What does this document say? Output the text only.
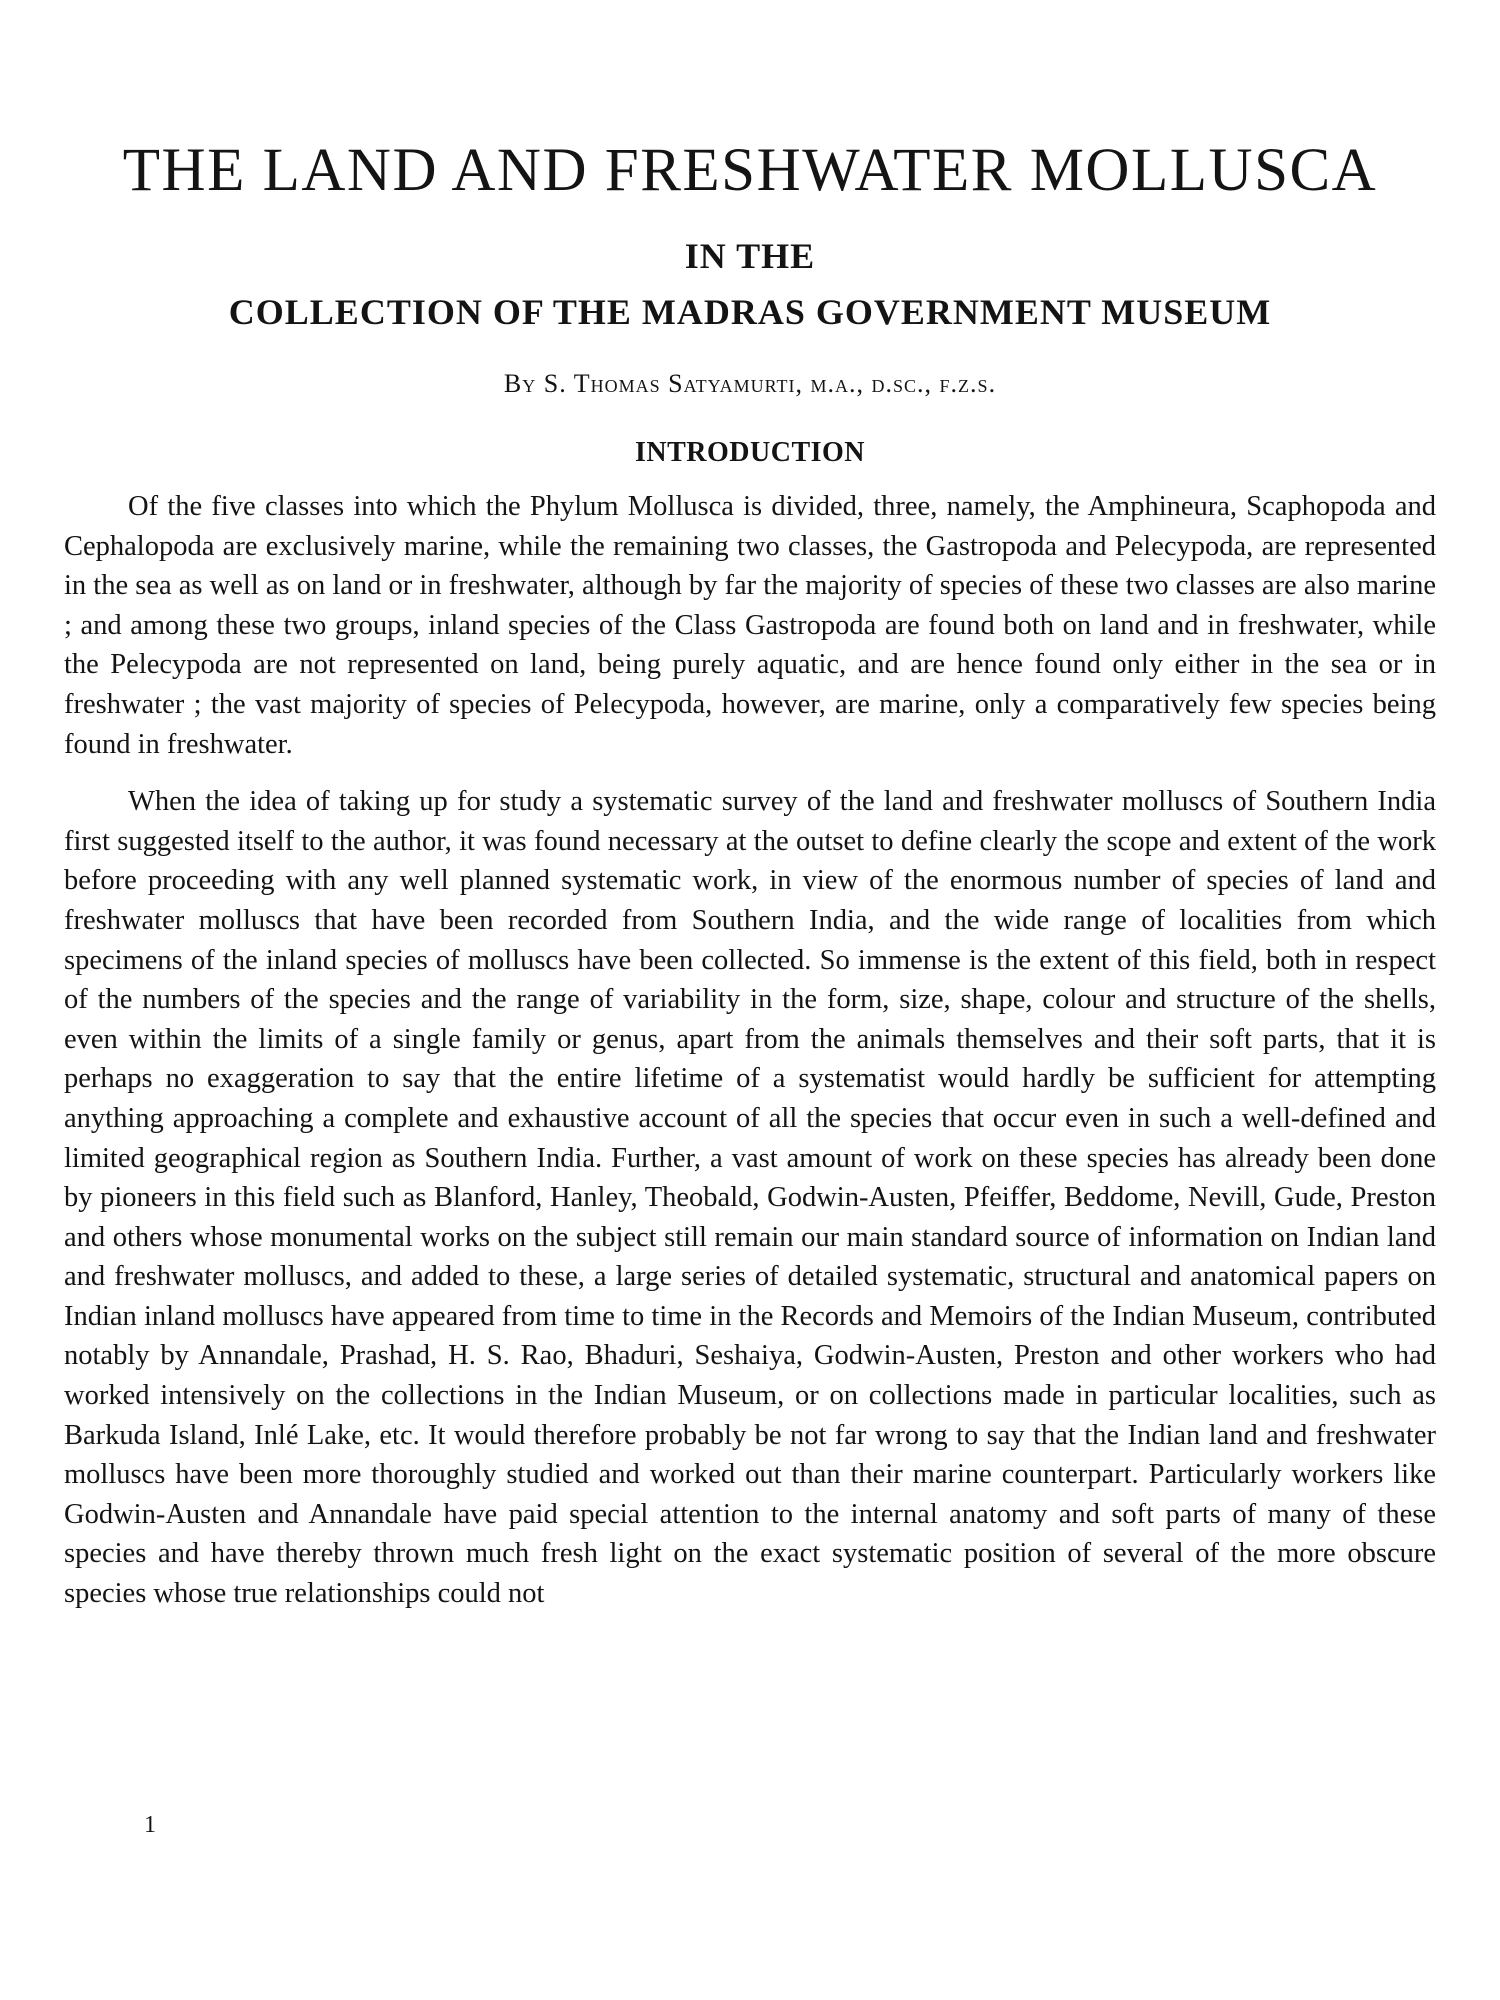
THE LAND AND FRESHWATER MOLLUSCA
IN THE
COLLECTION OF THE MADRAS GOVERNMENT MUSEUM
By S. Thomas Satyamurti, m.a., d.sc., f.z.s.
INTRODUCTION

Of the five classes into which the Phylum Mollusca is divided, three, namely, the Amphineura, Scaphopoda and Cephalopoda are exclusively marine, while the remaining two classes, the Gastropoda and Pelecypoda, are represented in the sea as well as on land or in freshwater, although by far the majority of species of these two classes are also marine ; and among these two groups, inland species of the Class Gastropoda are found both on land and in freshwater, while the Pelecypoda are not represented on land, being purely aquatic, and are hence found only either in the sea or in freshwater ; the vast majority of species of Pelecypoda, however, are marine, only a comparatively few species being found in freshwater.

When the idea of taking up for study a systematic survey of the land and freshwater molluscs of Southern India first suggested itself to the author, it was found necessary at the outset to define clearly the scope and extent of the work before proceeding with any well planned systematic work, in view of the enormous number of species of land and freshwater molluscs that have been recorded from Southern India, and the wide range of localities from which specimens of the inland species of molluscs have been collected. So immense is the extent of this field, both in respect of the numbers of the species and the range of variability in the form, size, shape, colour and structure of the shells, even within the limits of a single family or genus, apart from the animals themselves and their soft parts, that it is perhaps no exaggeration to say that the entire lifetime of a systematist would hardly be sufficient for attempting anything approaching a complete and exhaustive account of all the species that occur even in such a well-defined and limited geographical region as Southern India. Further, a vast amount of work on these species has already been done by pioneers in this field such as Blanford, Hanley, Theobald, Godwin-Austen, Pfeiffer, Beddome, Nevill, Gude, Preston and others whose monumental works on the subject still remain our main standard source of information on Indian land and freshwater molluscs, and added to these, a large series of detailed systematic, structural and anatomical papers on Indian inland molluscs have appeared from time to time in the Records and Memoirs of the Indian Museum, contributed notably by Annandale, Prashad, H. S. Rao, Bhaduri, Seshaiya, Godwin-Austen, Preston and other workers who had worked intensively on the collections in the Indian Museum, or on collections made in particular localities, such as Barkuda Island, Inlé Lake, etc. It would therefore probably be not far wrong to say that the Indian land and freshwater molluscs have been more thoroughly studied and worked out than their marine counterpart. Particularly workers like Godwin-Austen and Annandale have paid special attention to the internal anatomy and soft parts of many of these species and have thereby thrown much fresh light on the exact systematic position of several of the more obscure species whose true relationships could not

1
